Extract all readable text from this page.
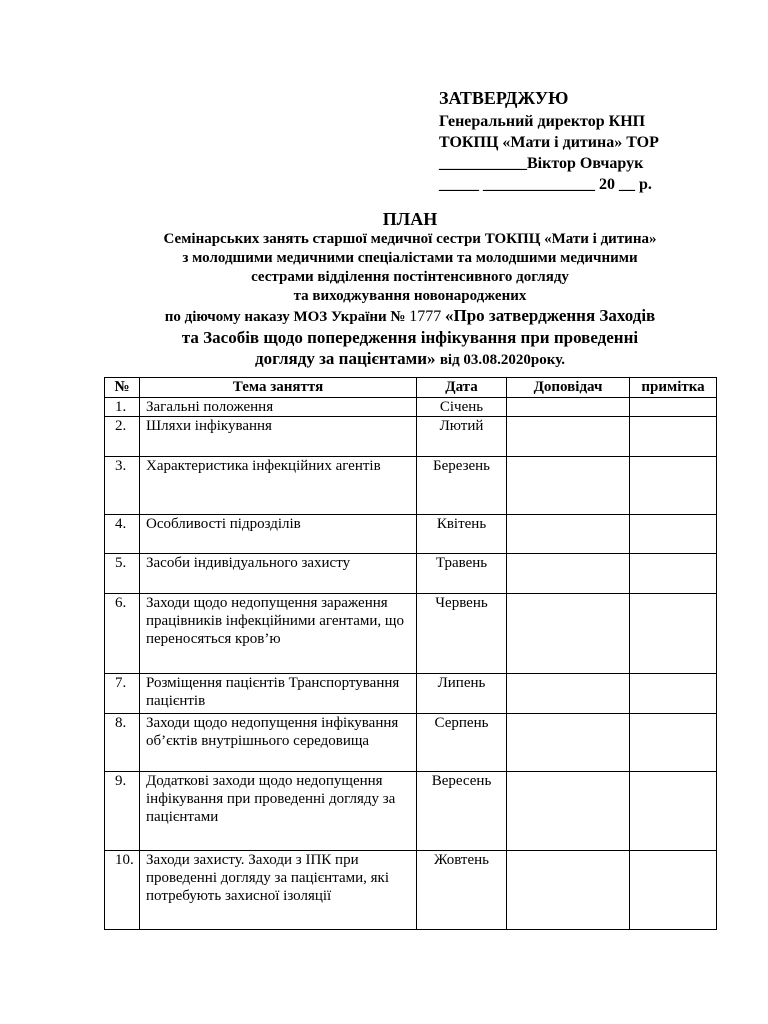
ЗАТВЕРДЖУЮ
Генеральний директор КНП
ТОКПЦ «Мати і дитина» ТОР
___________Віктор Овчарук
_____ ______________ 20 __ р.
ПЛАН
Семінарських занять старшої медичної сестри ТОКПЦ «Мати і дитина»
з молодшими медичними спеціалістами та молодшими медичними
сестрами відділення постінтенсивного догляду
та виходжування новонароджених
по діючому наказу МОЗ України № 1777 «Про затвердження Заходів
та Засобів щодо попередження інфікування при проведенні
догляду за пацієнтами» від 03.08.2020року.
№	Тема заняття	Дата	Доповідач	примітка
1.	Загальні положення	Січень		
2.	Шляхи інфікування	Лютий		
3.	Характеристика інфекційних агентів	Березень		
4.	Особливості підрозділів	Квітень		
5.	Засоби індивідуального захисту	Травень		
6.	Заходи щодо недопущення зараження працівників інфекційними агентами, що переносяться кров’ю	Червень		
7.	Розміщення пацієнтів Транспортування пацієнтів	Липень		
8.	Заходи щодо недопущення інфікування об’єктів внутрішнього середовища	Серпень		
9.	Додаткові заходи щодо недопущення інфікування при проведенні догляду за пацієнтами	Вересень		
10.	Заходи захисту. Заходи з ІПК при проведенні догляду за пацієнтами, які потребують захисної ізоляції	Жовтень		
